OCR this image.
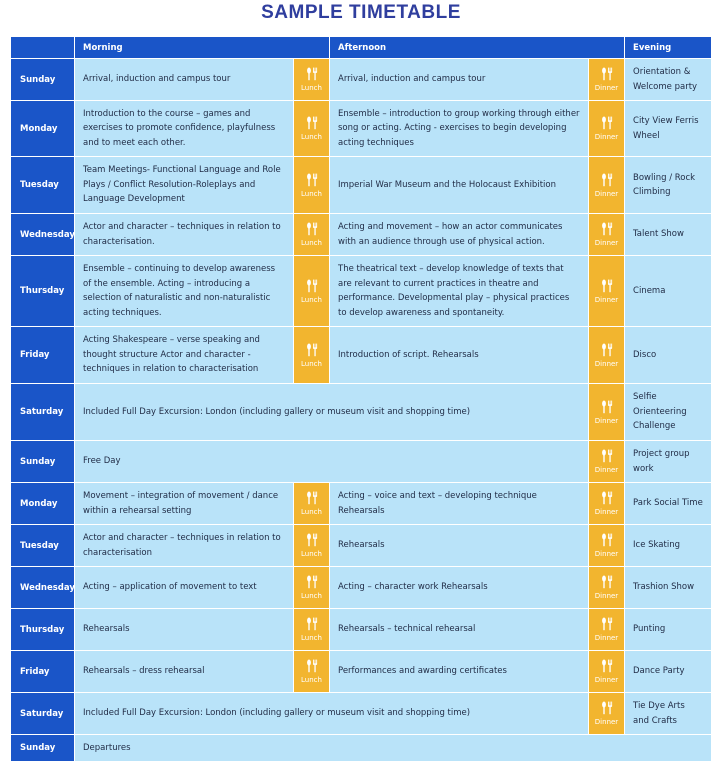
SAMPLE TIMETABLE
	Morning		Afternoon		Evening
Sunday	Arrival, induction and campus tour	Lunch	Arrival, induction and campus tour	Dinner	Orientation & Welcome party
Monday	Introduction to the course – games and exercises to promote confidence, playfulness and to meet each other.	Lunch	Ensemble – introduction to group working through either song or acting. Acting - exercises to begin developing acting techniques	Dinner	City View Ferris Wheel
Tuesday	Team Meetings- Functional Language and Role Plays / Conflict Resolution-Roleplays and Language Development	Lunch	Imperial War Museum and the Holocaust Exhibition	Dinner	Bowling / Rock Climbing
Wednesday	Actor and character – techniques in relation to characterisation.	Lunch	Acting and movement – how an actor communicates with an audience through use of physical action.	Dinner	Talent Show
Thursday	Ensemble – continuing to develop awareness of the ensemble. Acting – introducing a selection of naturalistic and non-naturalistic acting techniques.	Lunch	The theatrical text – develop knowledge of texts that are relevant to current practices in theatre and performance. Developmental play – physical practices to develop awareness and spontaneity.	Dinner	Cinema
Friday	Acting Shakespeare – verse speaking and thought structure Actor and character - techniques in relation to characterisation	Lunch	Introduction of script. Rehearsals	Dinner	Disco
Saturday	Included Full Day Excursion: London (including gallery or museum visit and shopping time)			Dinner	Selfie Orienteering Challenge
Sunday	Free Day			Dinner	Project group work
Monday	Movement – integration of movement / dance within a rehearsal setting	Lunch	Acting – voice and text – developing technique Rehearsals	Dinner	Park Social Time
Tuesday	Actor and character – techniques in relation to characterisation	Lunch	Rehearsals	Dinner	Ice Skating
Wednesday	Acting – application of movement to text	Lunch	Acting – character work Rehearsals	Dinner	Trashion Show
Thursday	Rehearsals	Lunch	Rehearsals – technical rehearsal	Dinner	Punting
Friday	Rehearsals – dress rehearsal	Lunch	Performances and awarding certificates	Dinner	Dance Party
Saturday	Included Full Day Excursion: London (including gallery or museum visit and shopping time)			Dinner	Tie Dye Arts and Crafts
Sunday	Departures				
